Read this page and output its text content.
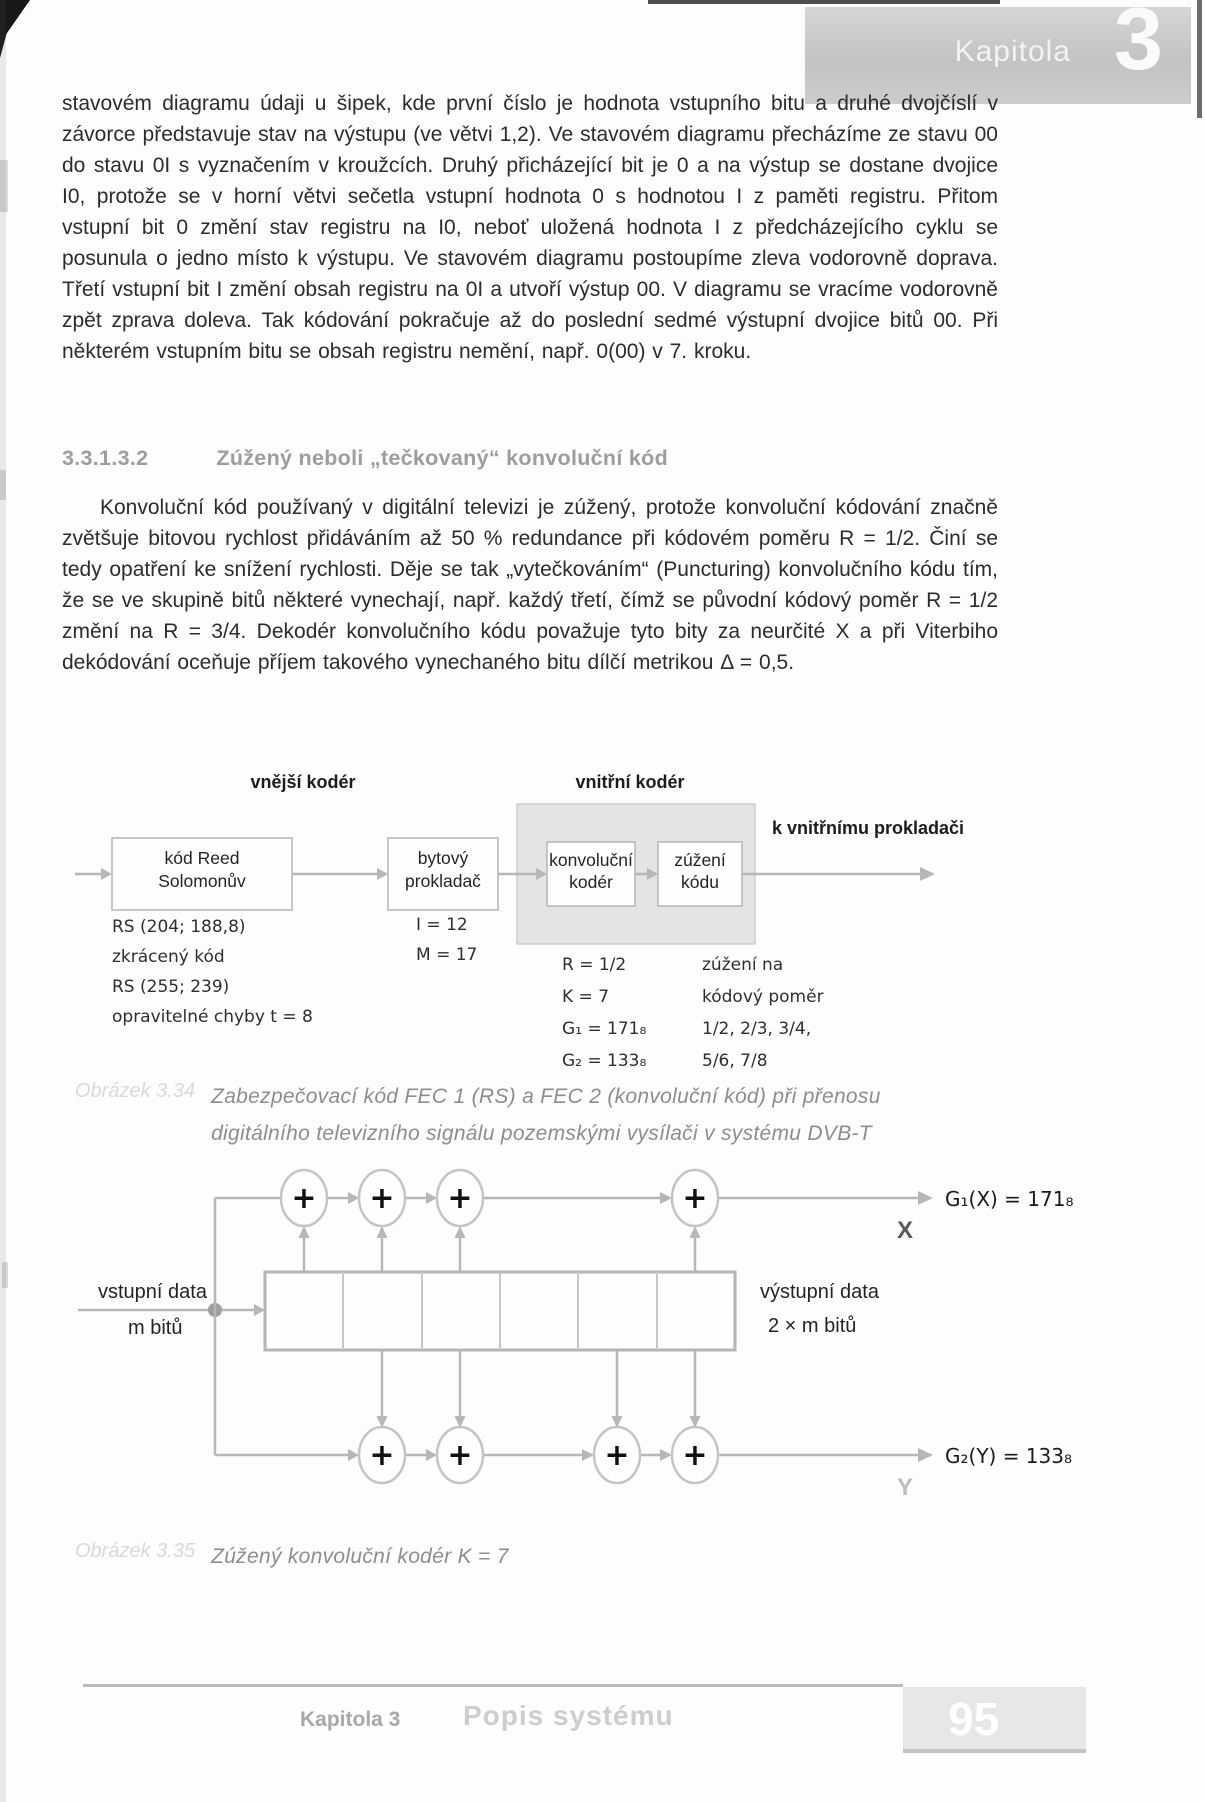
Kapitola 3
stavovém diagramu údaji u šipek, kde první číslo je hodnota vstupního bitu a druhé dvojčíslí v závorce představuje stav na výstupu (ve větvi 1,2). Ve stavovém diagramu přecházíme ze stavu 00 do stavu 0I s vyznačením v kroužcích. Druhý přicházející bit je 0 a na výstup se dostane dvojice I0, protože se v horní větvi sečetla vstupní hodnota 0 s hodnotou I z paměti registru. Přitom vstupní bit 0 změní stav registru na I0, neboť uložená hodnota I z předcházejícího cyklu se posunula o jedno místo k výstupu. Ve stavovém diagramu postoupíme zleva vodorovně doprava. Třetí vstupní bit I změní obsah registru na 0I a utvoří výstup 00. V diagramu se vracíme vodorovně zpět zprava doleva. Tak kódování pokračuje až do poslední sedmé výstupní dvojice bitů 00. Při některém vstupním bitu se obsah registru nemění, např. 0(00) v 7. kroku.
3.3.1.3.2	Zúžený neboli „tečkovaný“ konvoluční kód
Konvoluční kód používaný v digitální televizi je zúžený, protože konvoluční kódování značně zvětšuje bitovou rychlost přidáváním až 50 % redundance při kódovém poměru R = 1/2. Činí se tedy opatření ke snížení rychlosti. Děje se tak „vytečkováním“ (Puncturing) konvolučního kódu tím, že se ve skupině bitů některé vynechají, např. každý třetí, čímž se původní kódový poměr R = 1/2 změní na R = 3/4. Dekodér konvolučního kódu považuje tyto bity za neurčité X a při Viterbiho dekódování oceňuje příjem takového vynechaného bitu dílčí metrikou Δ = 0,5.
vnější kodér	vnitřní kodér
kód Reed
Solomonův
bytový
prokladač
konvoluční
kodér
zúžení
kódu
k vnitřnímu prokladači
RS (204; 188,8)
zkrácený kód
RS (255; 239)
opravitelné chyby t = 8
I = 12
M = 17	R = 1/2
K = 7
G₁ = 171₈
G₂ = 133₈
zúžení na
kódový poměr
1/2, 2/3, 3/4,
5/6, 7/8
Obrázek 3.34 Zabezpečovací kód FEC 1 (RS) a FEC 2 (konvoluční kód) při přenosu digitálního televizního signálu pozemskými vysílači v systému DVB-T
+ + +	+
+ +	+ +
vstupní data
m bitů
výstupní data
2 × m bitů
X
G₁(X) = 171₈
Y
G₂(Y) = 133₈
Obrázek 3.35 Zúžený konvoluční kodér K = 7
Kapitola 3 Popis systému	95
